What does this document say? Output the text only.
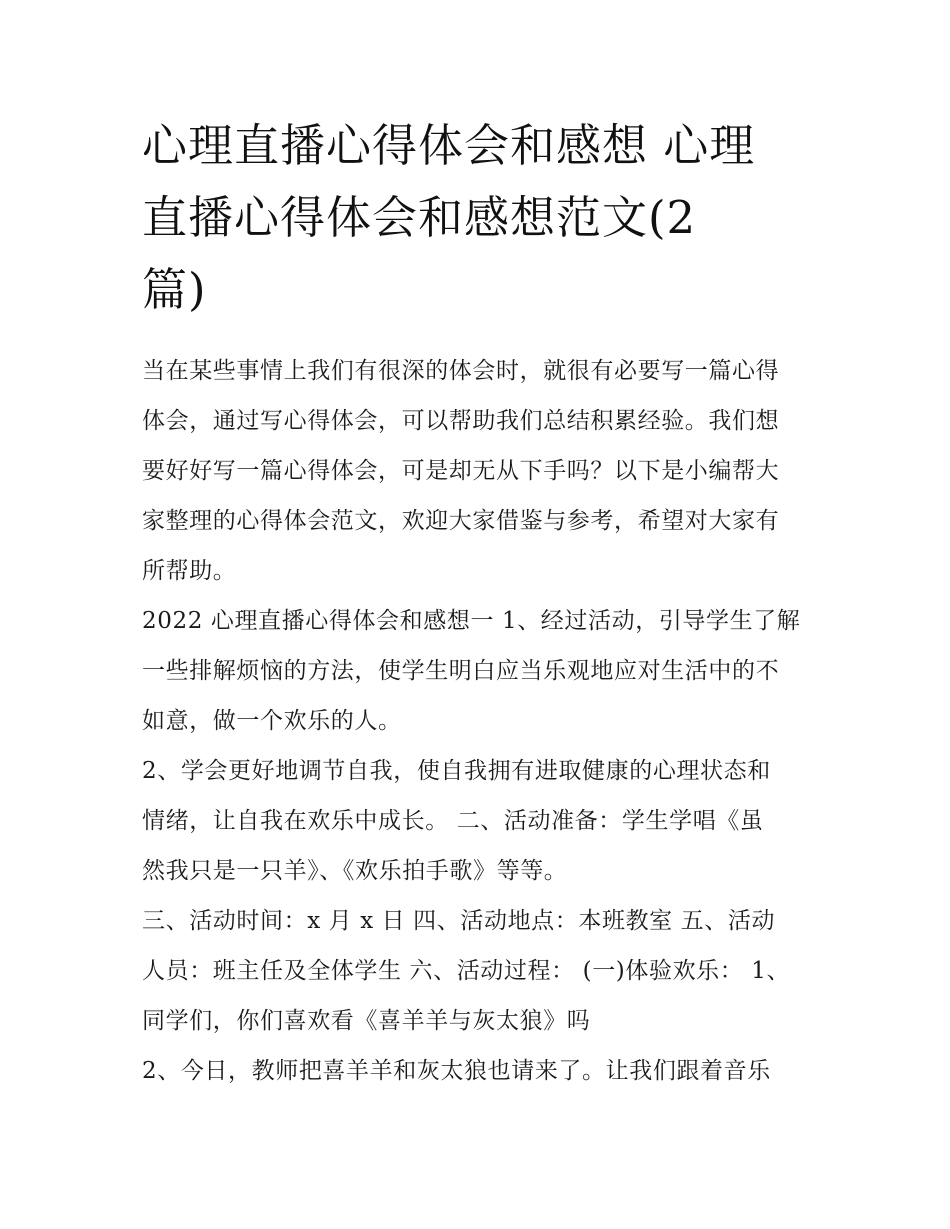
心理直播心得体会和感想 心理
直播心得体会和感想范文(2
篇)

当在某些事情上我们有很深的体会时，就很有必要写一篇心得
体会，通过写心得体会，可以帮助我们总结积累经验。我们想
要好好写一篇心得体会，可是却无从下手吗？以下是小编帮大
家整理的心得体会范文，欢迎大家借鉴与参考，希望对大家有
所帮助。

2022 心理直播心得体会和感想一 1、经过活动，引导学生了解
一些排解烦恼的方法，使学生明白应当乐观地应对生活中的不
如意，做一个欢乐的人。

2、学会更好地调节自我，使自我拥有进取健康的心理状态和
情绪，让自我在欢乐中成长。 二、活动准备：学生学唱《虽
然我只是一只羊》、《欢乐拍手歌》等等。

三、活动时间：x 月 x 日 四、活动地点：本班教室 五、活动
人员：班主任及全体学生 六、活动过程： (一)体验欢乐： 1、
同学们，你们喜欢看《喜羊羊与灰太狼》吗

2、今日，教师把喜羊羊和灰太狼也请来了。让我们跟着音乐
